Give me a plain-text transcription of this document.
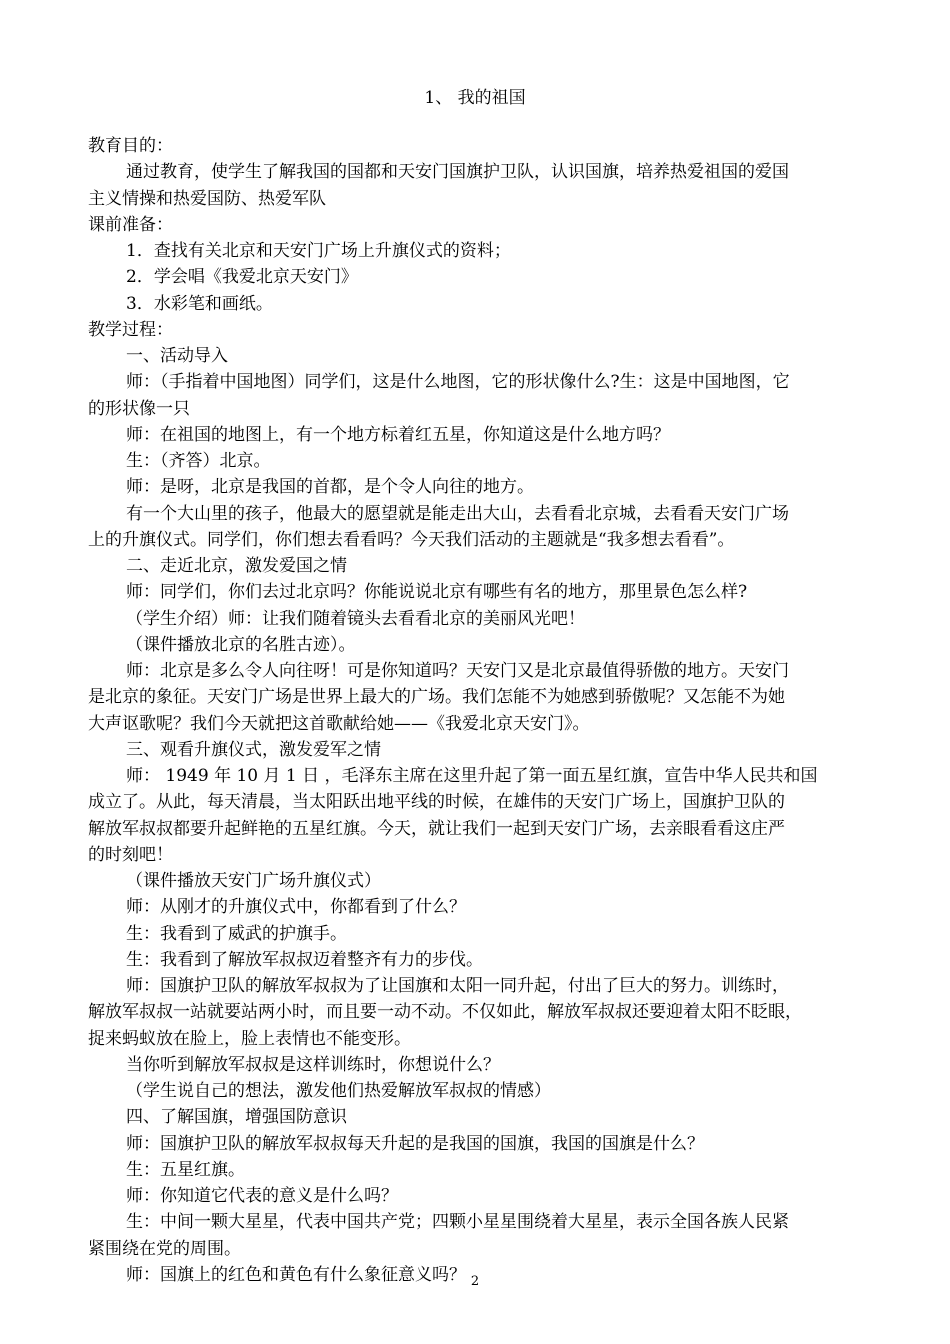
1、 我的祖国
教育目的：
通过教育，使学生了解我国的国都和天安门国旗护卫队，认识国旗，培养热爱祖国的爱国
主义情操和热爱国防、热爱军队
课前准备：
1．查找有关北京和天安门广场上升旗仪式的资料；
2．学会唱《我爱北京天安门》
3．水彩笔和画纸。
教学过程：
一、活动导入
师：（手指着中国地图）同学们，这是什么地图，它的形状像什么?生：这是中国地图，它
的形状像一只
师：在祖国的地图上，有一个地方标着红五星，你知道这是什么地方吗？
生：（齐答）北京。
师：是呀，北京是我国的首都，是个令人向往的地方。
有一个大山里的孩子，他最大的愿望就是能走出大山，去看看北京城，去看看天安门广场
上的升旗仪式。同学们，你们想去看看吗？今天我们活动的主题就是“我多想去看看”。
二、走近北京，激发爱国之情
师：同学们，你们去过北京吗？你能说说北京有哪些有名的地方，那里景色怎么样?
（学生介绍）师：让我们随着镜头去看看北京的美丽风光吧！
（课件播放北京的名胜古迹）。
师：北京是多么令人向往呀！可是你知道吗？天安门又是北京最值得骄傲的地方。天安门
是北京的象征。天安门广场是世界上最大的广场。我们怎能不为她感到骄傲呢？又怎能不为她
大声讴歌呢？我们今天就把这首歌献给她——《我爱北京天安门》。
三、观看升旗仪式，激发爱军之情
师： 1949 年 10 月 1 日 ，毛泽东主席在这里升起了第一面五星红旗，宣告中华人民共和国
成立了。从此，每天清晨，当太阳跃出地平线的时候，在雄伟的天安门广场上，国旗护卫队的
解放军叔叔都要升起鲜艳的五星红旗。今天，就让我们一起到天安门广场，去亲眼看看这庄严
的时刻吧！
（课件播放天安门广场升旗仪式）
师：从刚才的升旗仪式中，你都看到了什么？
生：我看到了威武的护旗手。
生：我看到了解放军叔叔迈着整齐有力的步伐。
师：国旗护卫队的解放军叔叔为了让国旗和太阳一同升起，付出了巨大的努力。训练时，
解放军叔叔一站就要站两小时，而且要一动不动。不仅如此，解放军叔叔还要迎着太阳不眨眼，
捉来蚂蚁放在脸上，脸上表情也不能变形。
当你听到解放军叔叔是这样训练时，你想说什么？
（学生说自己的想法，激发他们热爱解放军叔叔的情感）
四、了解国旗，增强国防意识
师：国旗护卫队的解放军叔叔每天升起的是我国的国旗，我国的国旗是什么？
生：五星红旗。
师：你知道它代表的意义是什么吗？
生：中间一颗大星星，代表中国共产党；四颗小星星围绕着大星星，表示全国各族人民紧
紧围绕在党的周围。
师：国旗上的红色和黄色有什么象征意义吗？ 2
